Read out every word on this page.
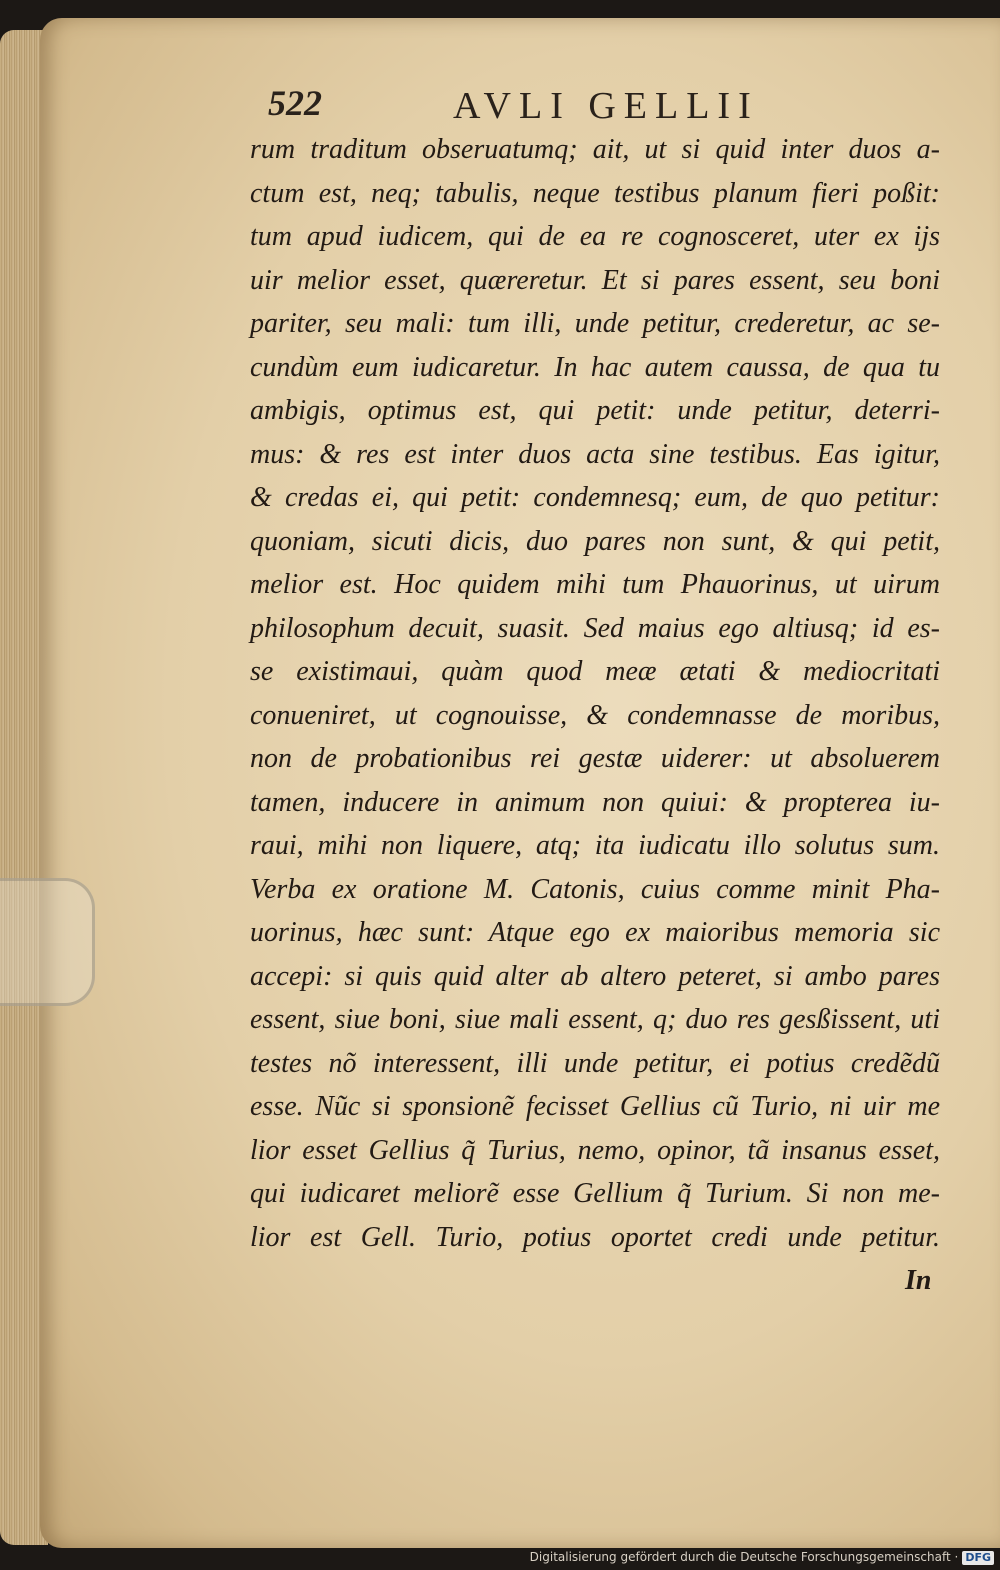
522	AVLI GELLII
rum traditum obseruatumq; ait, ut si quid inter duos a-
ctum est, neq; tabulis, neque testibus planum fieri poßit:
tum apud iudicem, qui de ea re cognosceret, uter ex ijs
uir melior esset, quæreretur. Et si pares essent, seu boni
pariter, seu mali: tum illi, unde petitur, crederetur, ac se-
cundùm eum iudicaretur. In hac autem caussa, de qua tu
ambigis, optimus est, qui petit: unde petitur, deterri-
mus: & res est inter duos acta sine testibus. Eas igitur,
& credas ei, qui petit: condemnesq; eum, de quo petitur:
quoniam, sicuti dicis, duo pares non sunt, & qui petit,
melior est. Hoc quidem mihi tum Phauorinus, ut uirum
philosophum decuit, suasit. Sed maius ego altiusq; id es-
se existimaui, quàm quod meæ ætati & mediocritati
conueniret, ut cognouisse, & condemnasse de moribus,
non de probationibus rei gestæ uiderer: ut absoluerem
tamen, inducere in animum non quiui: & propterea iu-
raui, mihi non liquere, atq; ita iudicatu illo solutus sum.
Verba ex oratione M. Catonis, cuius comme minit Pha-
uorinus, hæc sunt: Atque ego ex maioribus memoria sic
accepi: si quis quid alter ab altero peteret, si ambo pares
essent, siue boni, siue mali essent, q; duo res gesßissent, uti
testes nõ interessent, illi unde petitur, ei potius credẽdũ
esse. Nũc si sponsionẽ fecisset Gellius cũ Turio, ni uir me
lior esset Gellius q̃ Turius, nemo, opinor, tã insanus esset,
qui iudicaret meliorẽ esse Gellium q̃ Turium. Si non me-
lior est Gell. Turio, potius oportet credi unde petitur.
In
Digitalisierung gefördert durch die Deutsche Forschungsgemeinschaft · DFG
